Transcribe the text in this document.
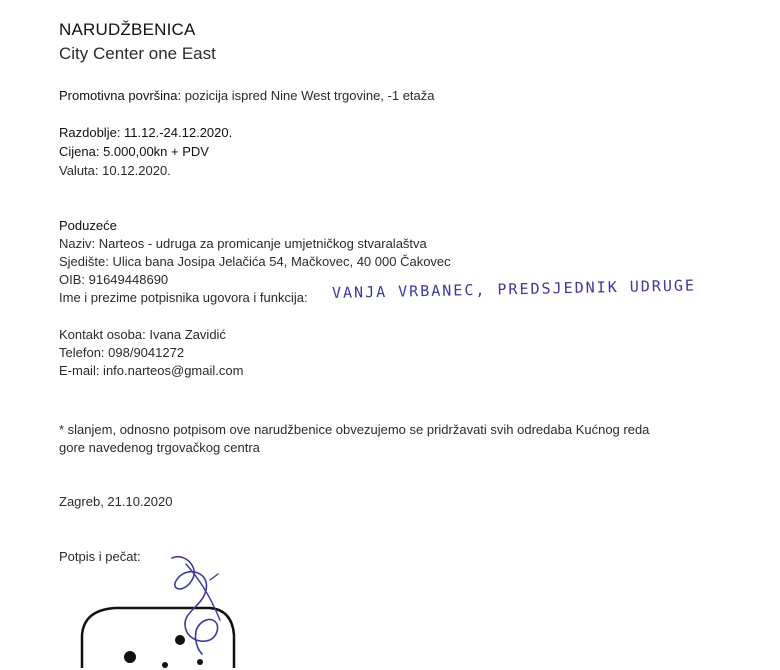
NARUDŽBENICA
City Center one East
Promotivna površina: pozicija ispred Nine West trgovine, -1 etaža
Razdoblje: 11.12.-24.12.2020.
Cijena: 5.000,00kn + PDV
Valuta: 10.12.2020.
Poduzeće
Naziv: Narteos - udruga za promicanje umjetničkog stvaralaštva
Sjedište: Ulica bana Josipa Jelačića 54, Mačkovec, 40 000 Čakovec
OIB: 91649448690
Ime i prezime potpisnika ugovora i funkcija: VANJA VRBANEC, PREDSJEDNIK UDRUGE
Kontakt osoba: Ivana Zavidić
Telefon: 098/9041272
E-mail: info.narteos@gmail.com
* slanjem, odnosno potpisom ove narudžbenice obvezujemo se pridržavati svih odredaba Kućnog reda
gore navedenog trgovačkog centra
Zagreb, 21.10.2020
Potpis i pečat:
